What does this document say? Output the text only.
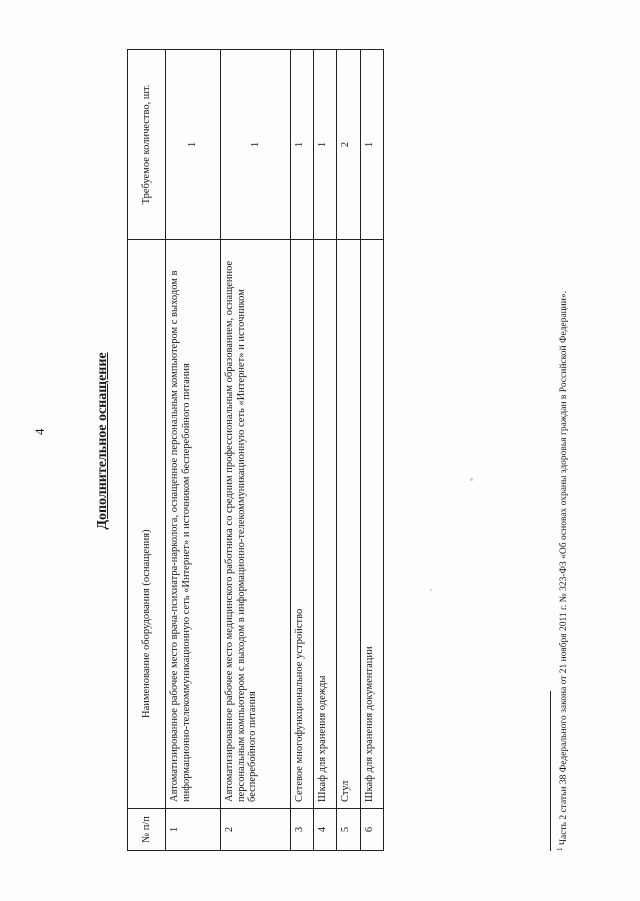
4	Дополнительное оснащение
№ п/п	Наименование оборудования (оснащения)	Требуемое количество, шт.
1	Автоматизированное рабочее место врача-психиатра-нарколога, оснащенное персональным компьютером с выходом в информационно-телекоммуникационную сеть «Интернет» и источником бесперебойного питания	1
2	Автоматизированное рабочее место медицинского работника со средним профессиональным образованием, оснащенное персональным компьютером с выходом в информационно-телекоммуникационную сеть «Интернет» и источником бесперебойного питания	1
3	Сетевое многофункциональное устройство	1
4	Шкаф для хранения одежды	1
5	Стул	2
6	Шкаф для хранения документации	1
$^1$ Часть 2 статьи 38 Федерального закона от 21 ноября 2011 г. № 323-ФЗ «Об основах охраны здоровья граждан в Российской Федерации».
